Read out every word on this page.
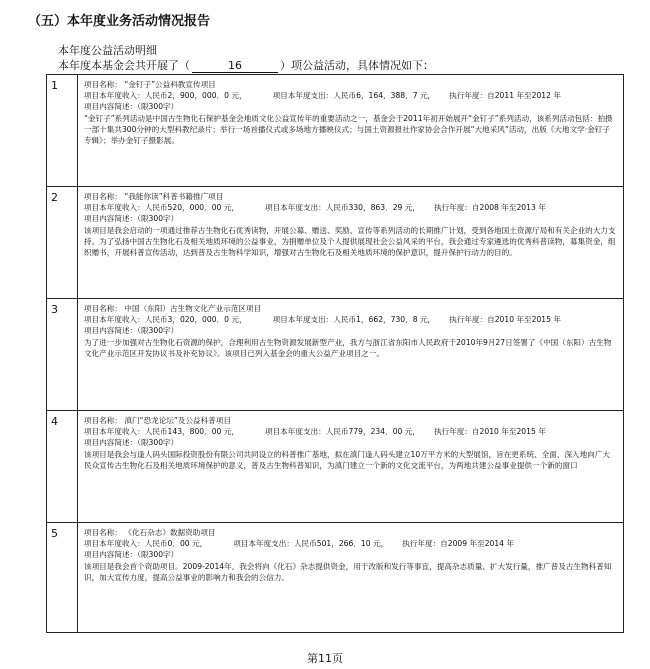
（五）本年度业务活动情况报告
本年度公益活动明细
本年度本基金会共开展了（	16	）项公益活动，具体情况如下：
1	项目名称： “金钉子”公益科教宣传项目
项目本年度收入：人民币2，900，000．0 元， 项目本年度支出：人民币6，164，388．7 元， 执行年度：自2011 年至2012 年
项目内容简述：（限300字）
“金钉子”系列活动是中国古生物化石保护基金会地质文化公益宣传年的重要活动之一，基金会于2011年初开始展开“金钉子”系列活动，该系列活动包括：拍摄一部十集共300分钟的大型科教纪录片；举行一场首播仪式或多场地方播映仪式；与国土资源报社作家协会合作开展“大地采风”活动，出版《大地文学·金钉子专辑》；举办金钉子摄影展。

2	项目名称： “我能你读”科普书籍推广项目
项目本年度收入：人民币520，000．00 元， 项目本年度支出：人民币330，863．29 元， 执行年度：自2008 年至2013 年
项目内容简述：（限300字）
该项目是我会启动的一项通过推荐古生物化石优秀读物，开展公募、赠送、奖励、宣传等系列活动的长期推广计划，受到各地国土资源厅局和有关企业的大力支持。为了弘扬中国古生物化石及相关地质环境的公益事业，为捐赠单位及个人提供展现社会公益风采的平台，我会通过专家遴选的优秀科普读物，募集资金，组织赠书，开展科普宣传活动，达到普及古生物科学知识，增强对古生物化石及相关地质环境的保护意识，提升保护行动力的目的。

3	项目名称： 中国（东阳）古生物文化产业示范区项目
项目本年度收入：人民币3，020，000．0 元， 项目本年度支出：人民币1，662，730．8 元， 执行年度：自2010 年至2015 年
项目内容简述：（限300字）
为了进一步加强对古生物化石资源的保护，合理利用古生物资源发展新型产业，我方与浙江省东阳市人民政府于2010年9月27日签署了《中国（东阳）古生物文化产业示范区开发协议书及补充协议》。该项目已列入基金会的重大公益产业项目之一。

4	项目名称： 滇门“恐龙论坛”及公益科普项目
项目本年度收入：人民币143，800．00 元， 项目本年度支出：人民币779，234．00 元， 执行年度：自2010 年至2015 年
项目内容简述：（限300字）
该项目是我会与逢人码头国际投资股份有限公司共同设立的科普推广基地，拟在滇门逢人码头建立10万平方米的大型展馆，旨在更系统、全面、深入地向广大民众宣传古生物化石及相关地质环境保护的意义，普及古生物科普知识，为滇门建立一个新的文化交流平台，为两地共建公益事业提供一个新的窗口

5	项目名称： 《化石杂志》数据资助项目
项目本年度收入：人民币0．00 元， 项目本年度支出：人民币501，266．10 元， 执行年度：自2009 年至2014 年
项目内容简述：（限300字）
该项目是我会首个资助项目。2009-2014年，我会将向《化石》杂志提供资金，用于改版和发行等事宜，提高杂志质量、扩大发行量，推广普及古生物科普知识，加大宣传力度，提高公益事业的影响力和我会的公信力。
第11页
